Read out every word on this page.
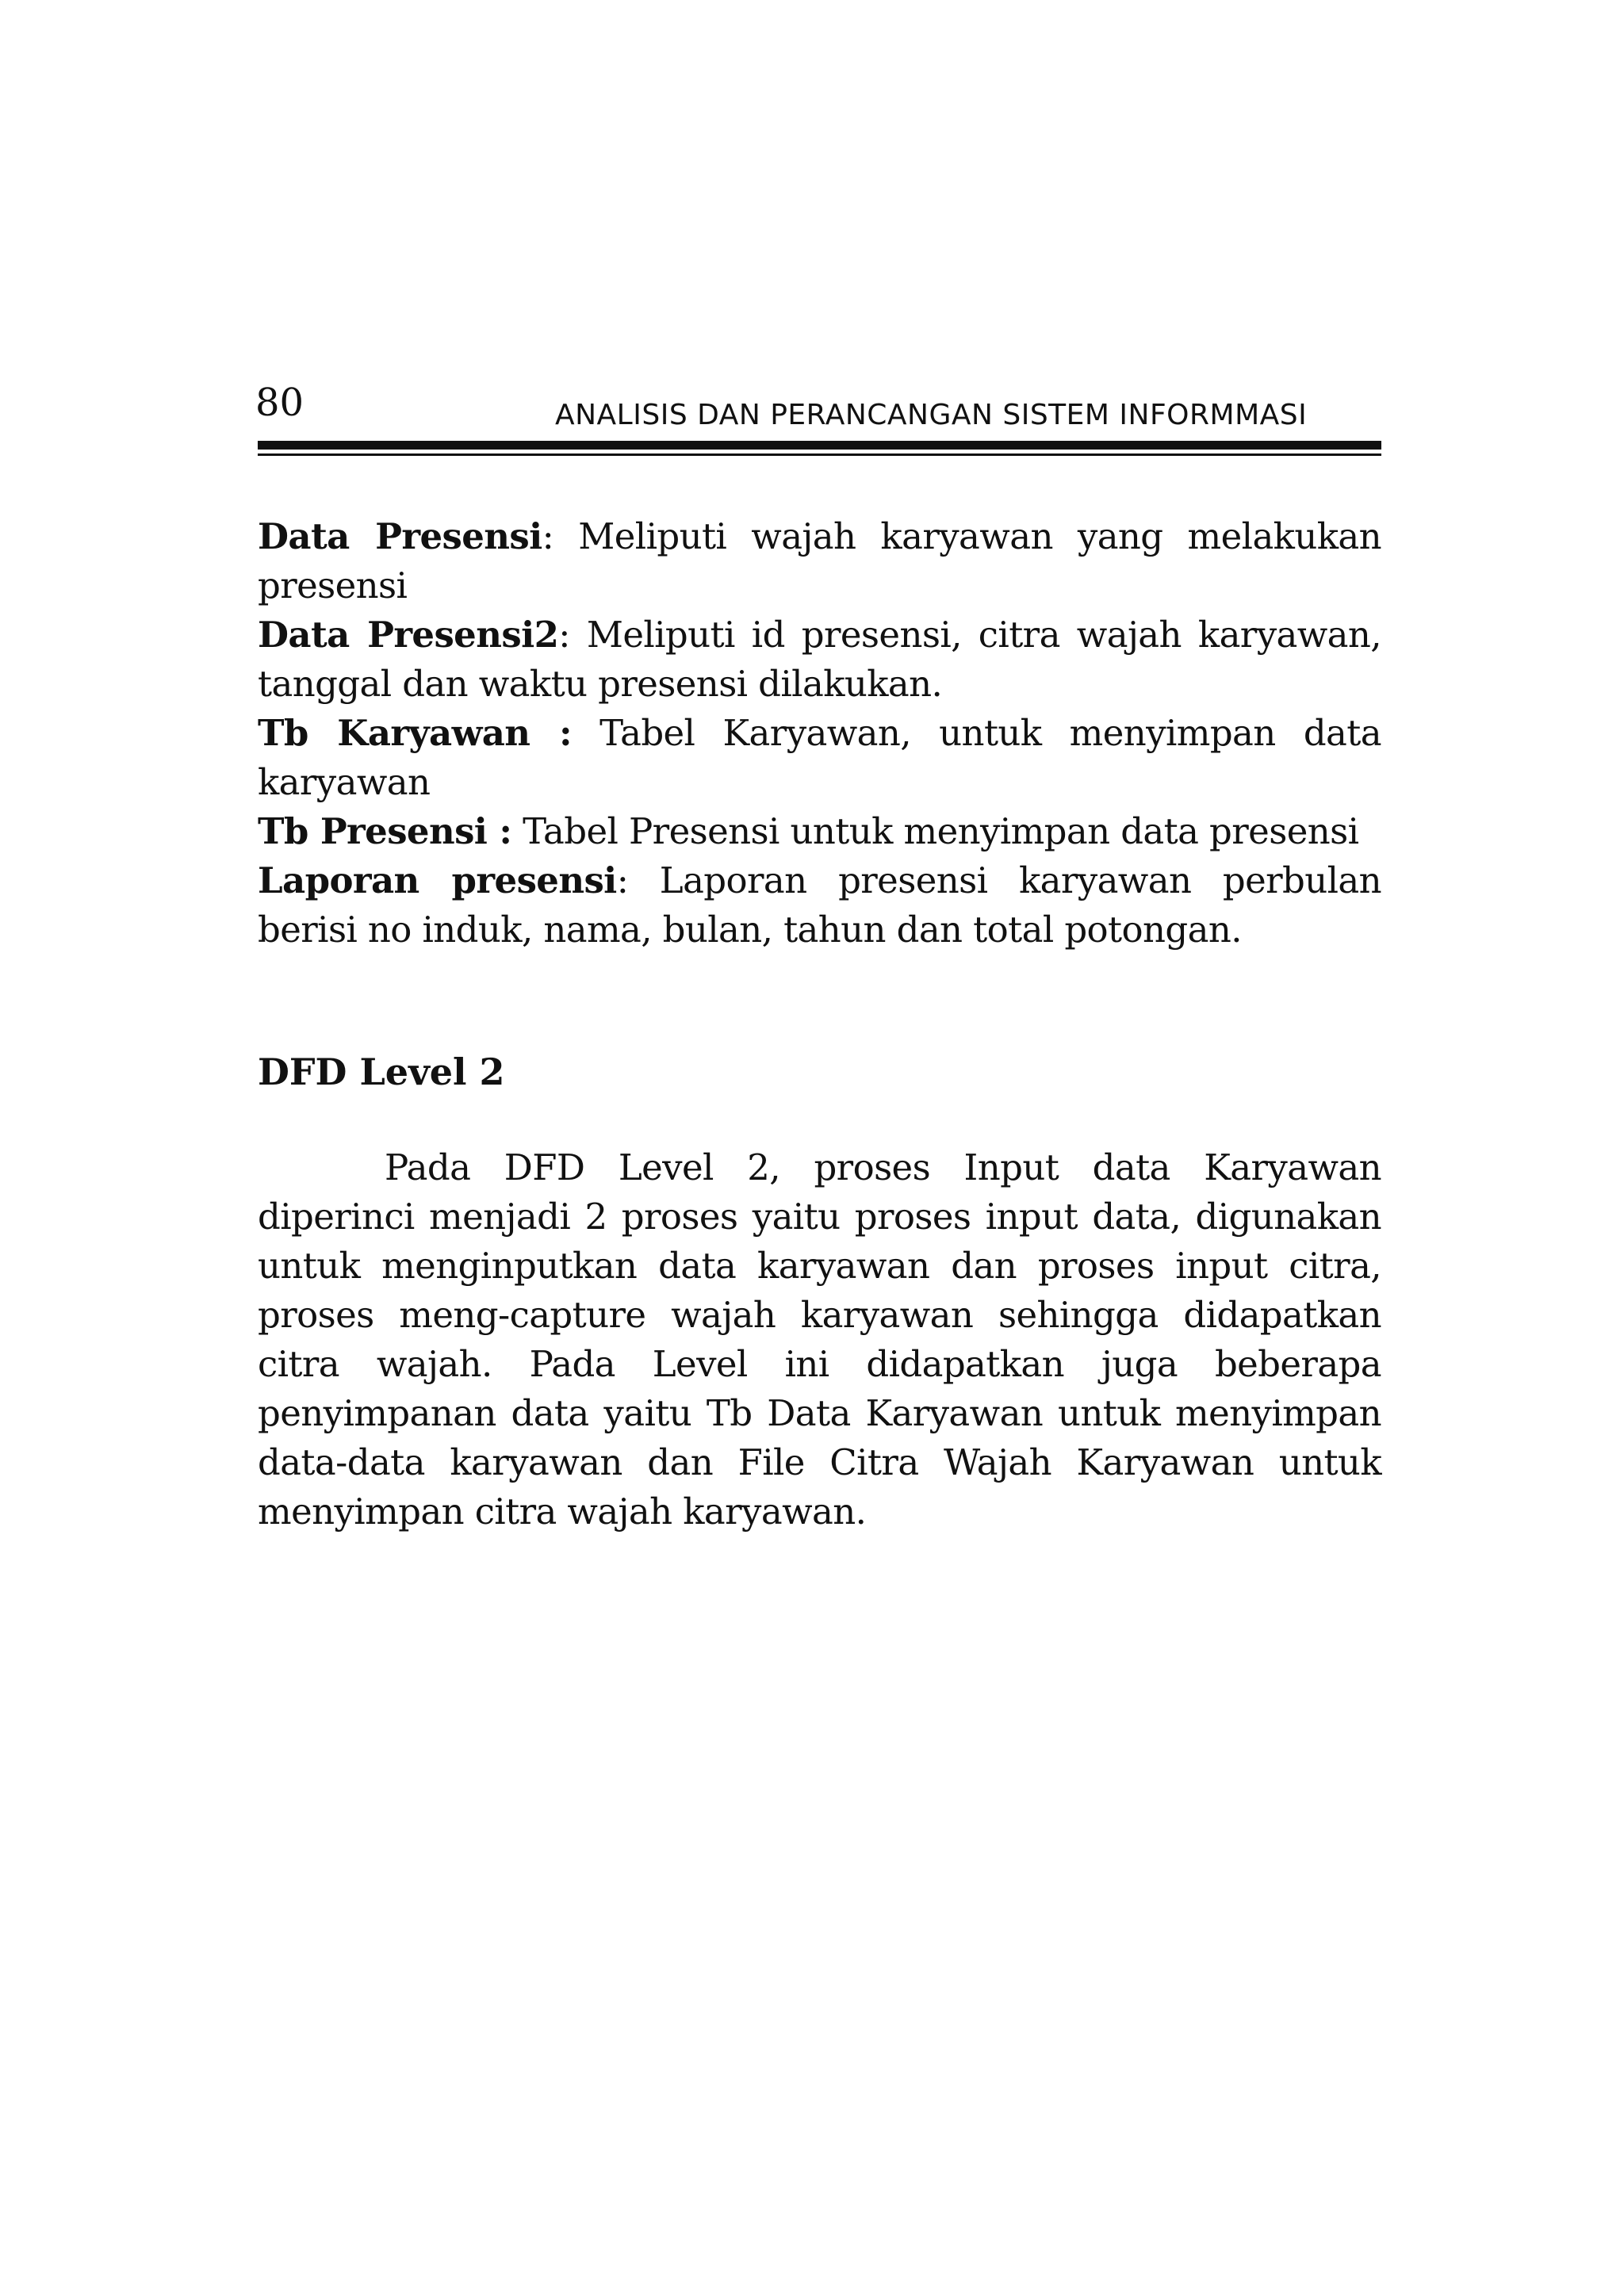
80	ANALISIS DAN PERANCANGAN SISTEM INFORMMASI

Data Presensi: Meliputi wajah karyawan yang melakukan presensi

Data Presensi2: Meliputi id presensi, citra wajah karyawan, tanggal dan waktu presensi dilakukan.

Tb Karyawan : Tabel Karyawan, untuk menyimpan data karyawan

Tb Presensi : Tabel Presensi untuk menyimpan data presensi

Laporan presensi: Laporan presensi karyawan perbulan berisi no induk, nama, bulan, tahun dan total potongan.

DFD Level 2

Pada DFD Level 2, proses Input data Karyawan diperinci menjadi 2 proses yaitu proses input data, digunakan untuk menginputkan data karyawan dan proses input citra, proses meng-capture wajah karyawan sehingga didapatkan citra wajah. Pada Level ini didapatkan juga beberapa penyimpanan data yaitu Tb Data Karyawan untuk menyimpan data-data karyawan dan File Citra Wajah Karyawan untuk menyimpan citra wajah karyawan.
